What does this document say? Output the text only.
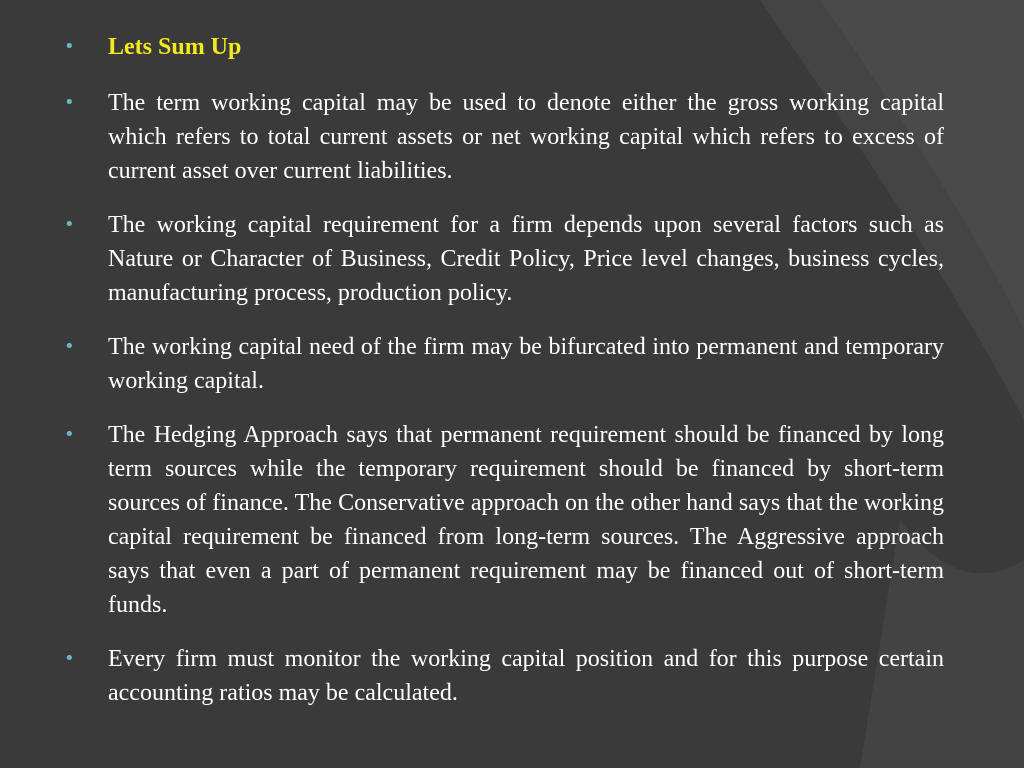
• Lets Sum Up
• The term working capital may be used to denote either the gross working capital which refers to total current assets or net working capital which refers to excess of current asset over current liabilities.
• The working capital requirement for a firm depends upon several factors such as Nature or Character of Business, Credit Policy, Price level changes, business cycles, manufacturing process, production policy.
• The working capital need of the firm may be bifurcated into permanent and temporary working capital.
• The Hedging Approach says that permanent requirement should be financed by long term sources while the temporary requirement should be financed by short-term sources of finance. The Conservative approach on the other hand says that the working capital requirement be financed from long-term sources. The Aggressive approach says that even a part of permanent requirement may be financed out of short-term funds.
• Every firm must monitor the working capital position and for this purpose certain accounting ratios may be calculated.
